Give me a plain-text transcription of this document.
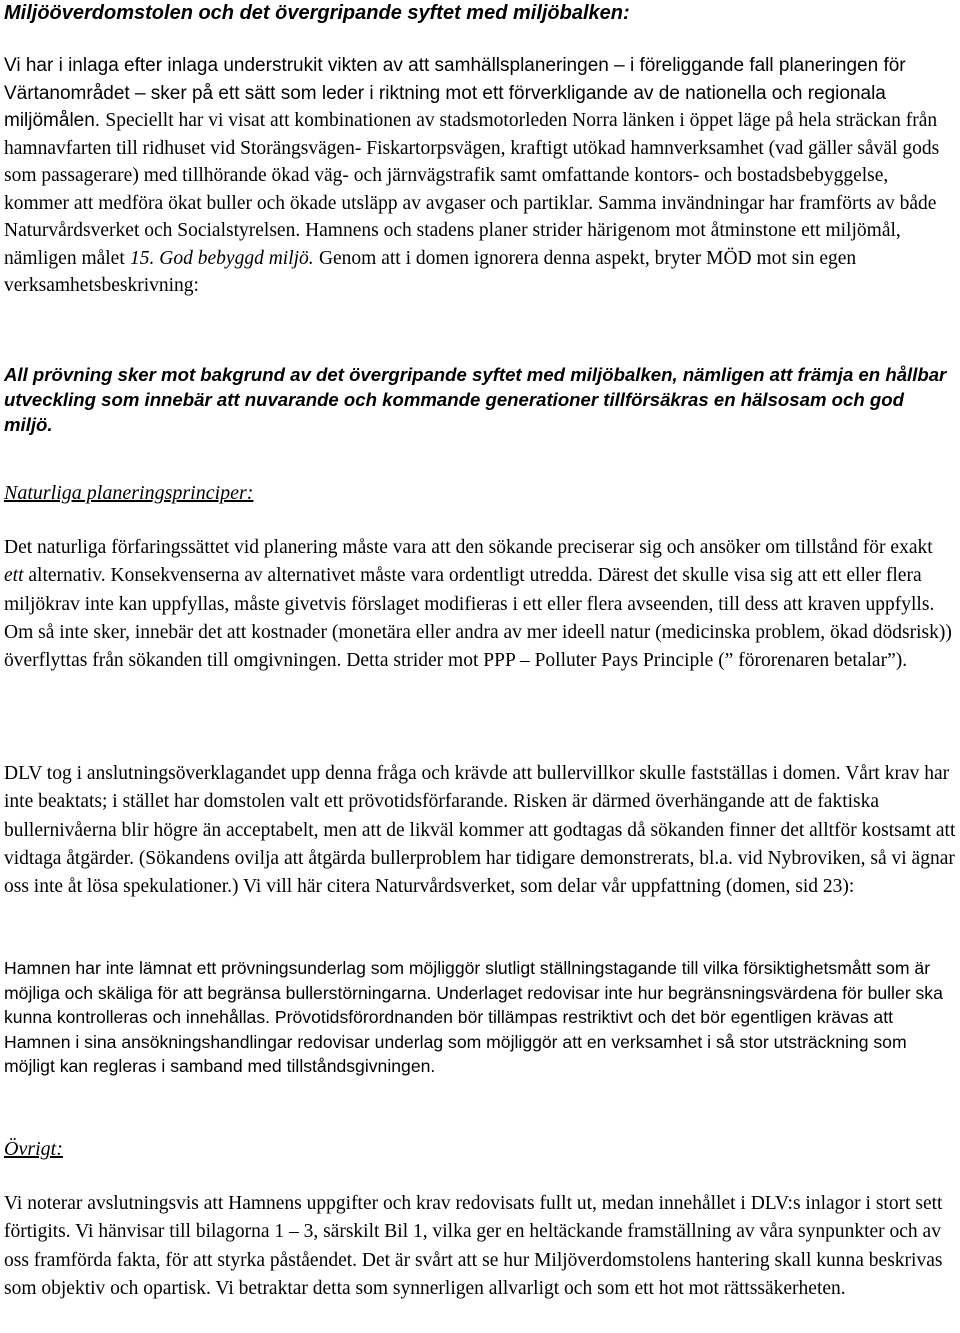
Miljööverdomstolen och det övergripande syftet med miljöbalken:
Vi har i inlaga efter inlaga understrukit vikten av att samhällsplaneringen – i föreliggande fall planeringen för Värtanområdet – sker på ett sätt som leder i riktning mot ett förverkligande av de nationella och regionala miljömålen. Speciellt har vi visat att kombinationen av stadsmotorleden Norra länken i öppet läge på hela sträckan från hamnavfarten till ridhuset vid Storängsvägen- Fiskartorpsvägen, kraftigt utökad hamnverksamhet (vad gäller såväl gods som passagerare) med tillhörande ökad väg- och järnvägstrafik samt omfattande kontors- och bostadsbebyggelse, kommer att medföra ökat buller och ökade utsläpp av avgaser och partiklar. Samma invändningar har framförts av både Naturvårdsverket och Socialstyrelsen. Hamnens och stadens planer strider härigenom mot åtminstone ett miljömål, nämligen målet 15. God bebyggd miljö. Genom att i domen ignorera denna aspekt, bryter MÖD mot sin egen verksamhetsbeskrivning:
All prövning sker mot bakgrund av det övergripande syftet med miljöbalken, nämligen att främja en hållbar utveckling som innebär att nuvarande och kommande generationer tillförsäkras en hälsosam och god miljö.
Naturliga planeringsprinciper:
Det naturliga förfaringssättet vid planering måste vara att den sökande preciserar sig och ansöker om tillstånd för exakt ett alternativ. Konsekvenserna av alternativet måste vara ordentligt utredda. Därest det skulle visa sig att ett eller flera miljökrav inte kan uppfyllas, måste givetvis förslaget modifieras i ett eller flera avseenden, till dess att kraven uppfylls. Om så inte sker, innebär det att kostnader (monetära eller andra av mer ideell natur (medicinska problem, ökad dödsrisk)) överflyttas från sökanden till omgivningen. Detta strider mot PPP – Polluter Pays Principle (” förorenaren betalar”).
DLV tog i anslutningsöverklagandet upp denna fråga och krävde att bullervillkor skulle fastställas i domen. Vårt krav har inte beaktats; i stället har domstolen valt ett prövotidsförfarande. Risken är därmed överhängande att de faktiska bullernivåerna blir högre än acceptabelt, men att de likväl kommer att godtagas då sökanden finner det alltför kostsamt att vidtaga åtgärder. (Sökandens ovilja att åtgärda bullerproblem har tidigare demonstrerats, bl.a. vid Nybroviken, så vi ägnar oss inte åt lösa spekulationer.) Vi vill här citera Naturvårdsverket, som delar vår uppfattning (domen, sid 23):
Hamnen har inte lämnat ett prövningsunderlag som möjliggör slutligt ställningstagande till vilka försiktighetsmått som är möjliga och skäliga för att begränsa bullerstörningarna. Underlaget redovisar inte hur begränsningsvärdena för buller ska kunna kontrolleras och innehållas. Prövotidsförordnanden bör tillämpas restriktivt och det bör egentligen krävas att Hamnen i sina ansökningshandlingar redovisar underlag som möjliggör att en verksamhet i så stor utsträckning som möjligt kan regleras i samband med tillståndsgivningen.
Övrigt:
Vi noterar avslutningsvis att Hamnens uppgifter och krav redovisats fullt ut, medan innehållet i DLV:s inlagor i stort sett förtigits. Vi hänvisar till bilagorna 1 – 3, särskilt Bil 1, vilka ger en heltäckande framställning av våra synpunkter och av oss framförda fakta, för att styrka påståendet. Det är svårt att se hur Miljöverdomstolens hantering skall kunna beskrivas som objektiv och opartisk. Vi betraktar detta som synnerligen allvarligt och som ett hot mot rättssäkerheten.
